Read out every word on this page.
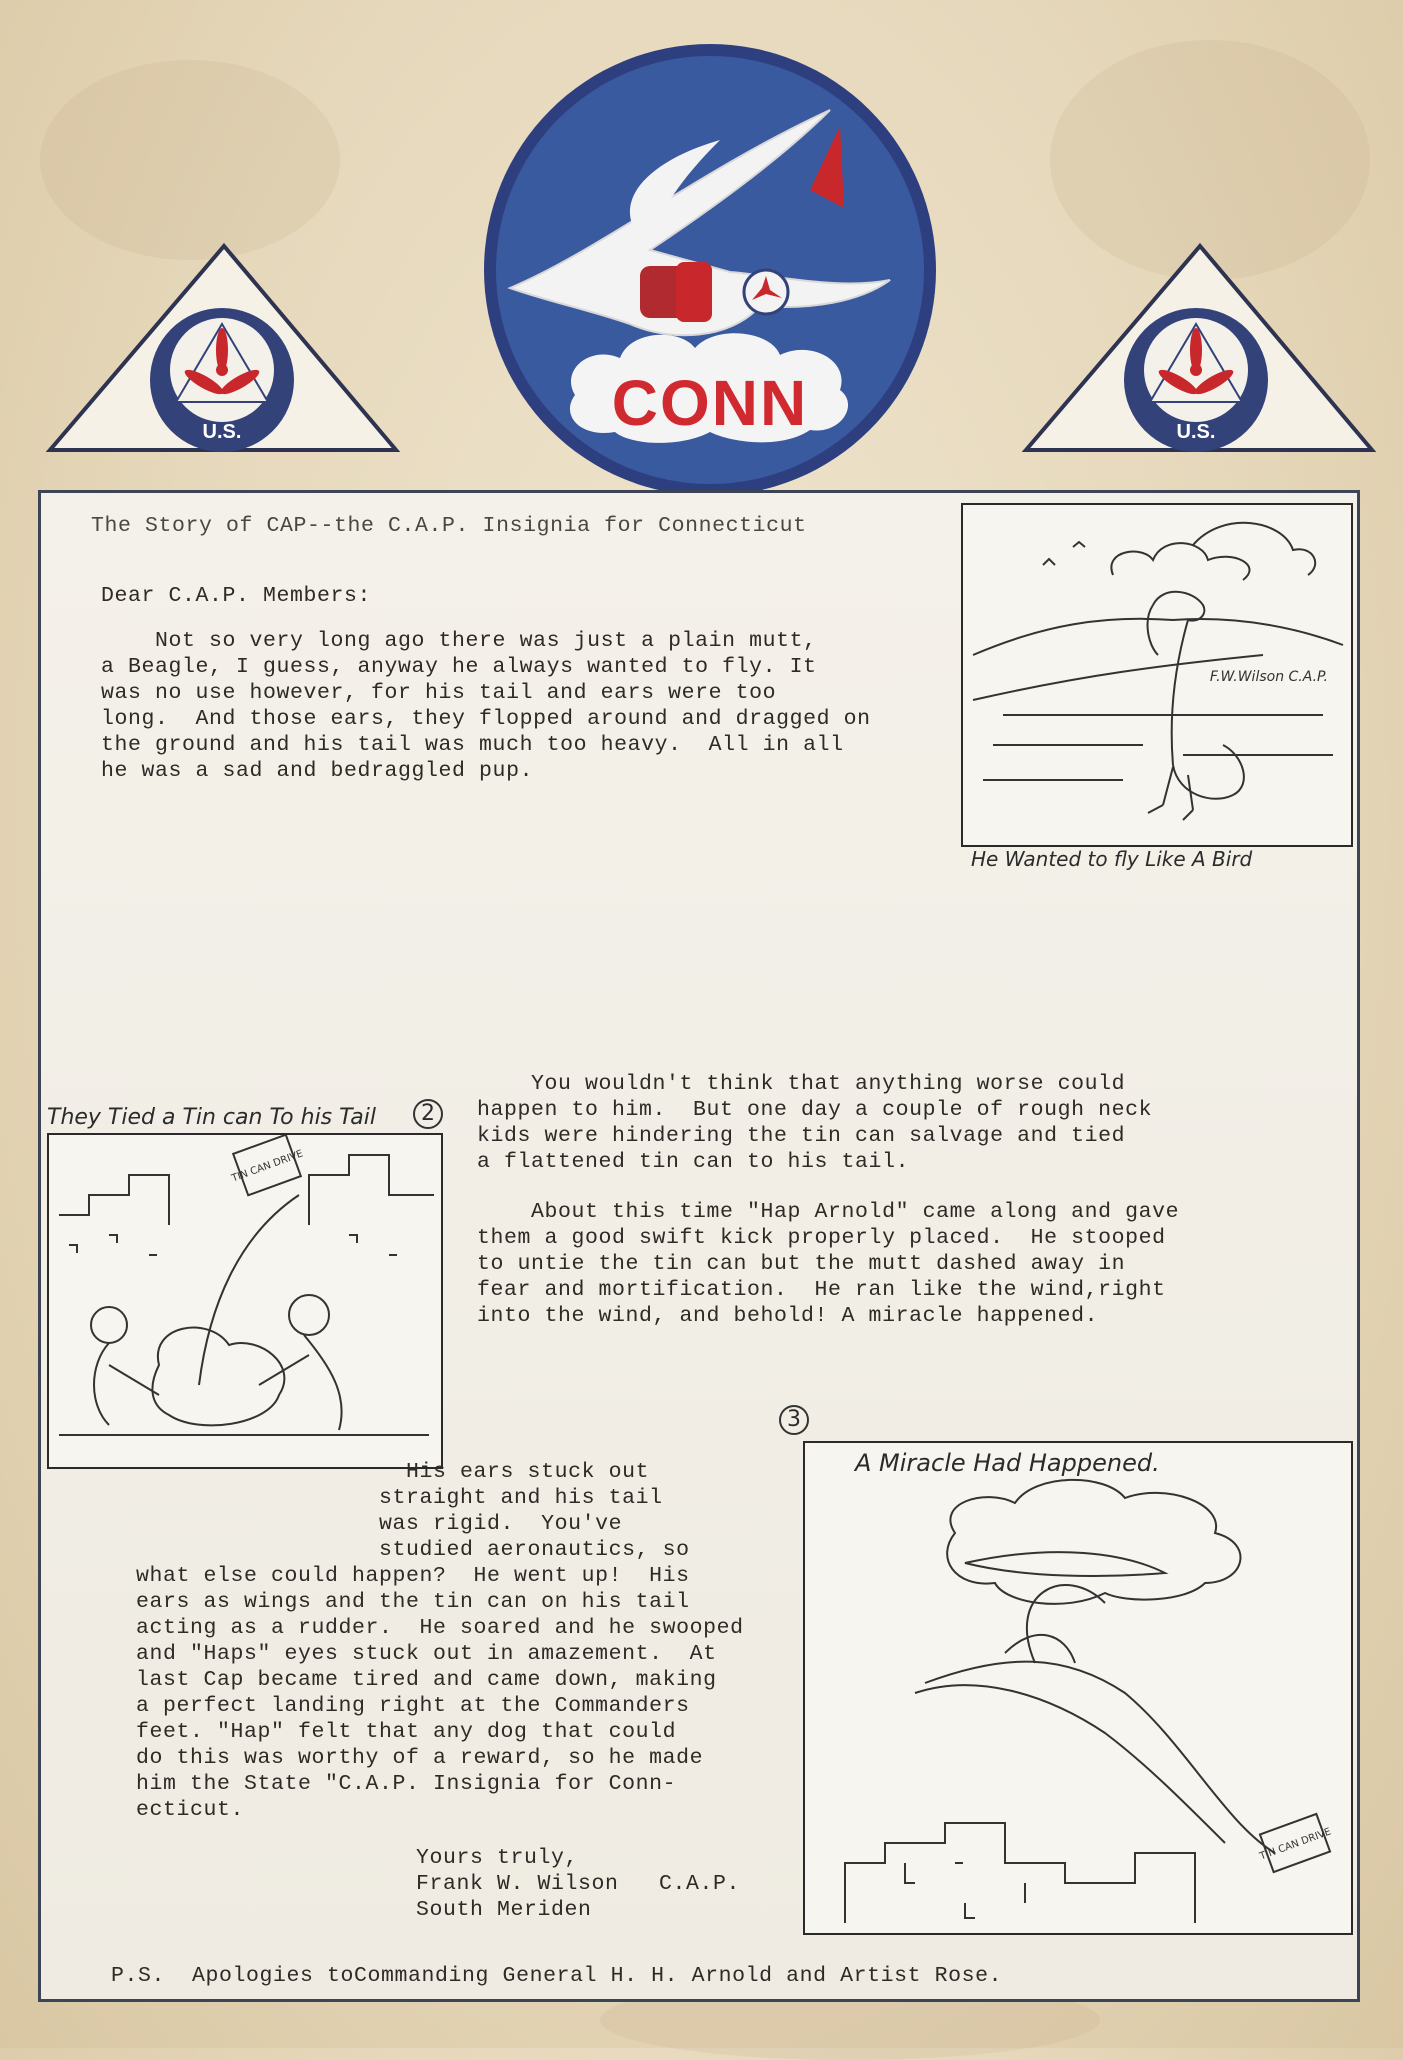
U.S.	U.S.
CONN
The Story of CAP--the C.A.P. Insignia for Connecticut
Dear C.A.P. Members:
Not so very long ago there was just a plain mutt,
a Beagle, I guess, anyway he always wanted to fly. It
was no use however, for his tail and ears were too
long.  And those ears, they flopped around and dragged on
the ground and his tail was much too heavy.  All in all
he was a sad and bedraggled pup.
F.W.Wilson C.A.P.
He Wanted to fly Like A Bird
They Tied a Tin can To his Tail	2
TIN CAN DRIVE
You wouldn't think that anything worse could
happen to him.  But one day a couple of rough neck
kids were hindering the tin can salvage and tied
a flattened tin can to his tail.
About this time "Hap Arnold" came along and gave
them a good swift kick properly placed.  He stooped
to untie the tin can but the mutt dashed away in
fear and mortification.  He ran like the wind,right
into the wind, and behold! A miracle happened.
3
A Miracle Had Happened.
TIN CAN DRIVE
His ears stuck out
straight and his tail
was rigid.  You've
studied aeronautics, so
what else could happen?  He went up!  His
ears as wings and the tin can on his tail
acting as a rudder.  He soared and he swooped
and "Haps" eyes stuck out in amazement.  At
last Cap became tired and came down, making
a perfect landing right at the Commanders
feet. "Hap" felt that any dog that could
do this was worthy of a reward, so he made
him the State "C.A.P. Insignia for Conn-
ecticut.
Yours truly,
Frank W. Wilson   C.A.P.
South Meriden
P.S.  Apologies toCommanding General H. H. Arnold and Artist Rose.
